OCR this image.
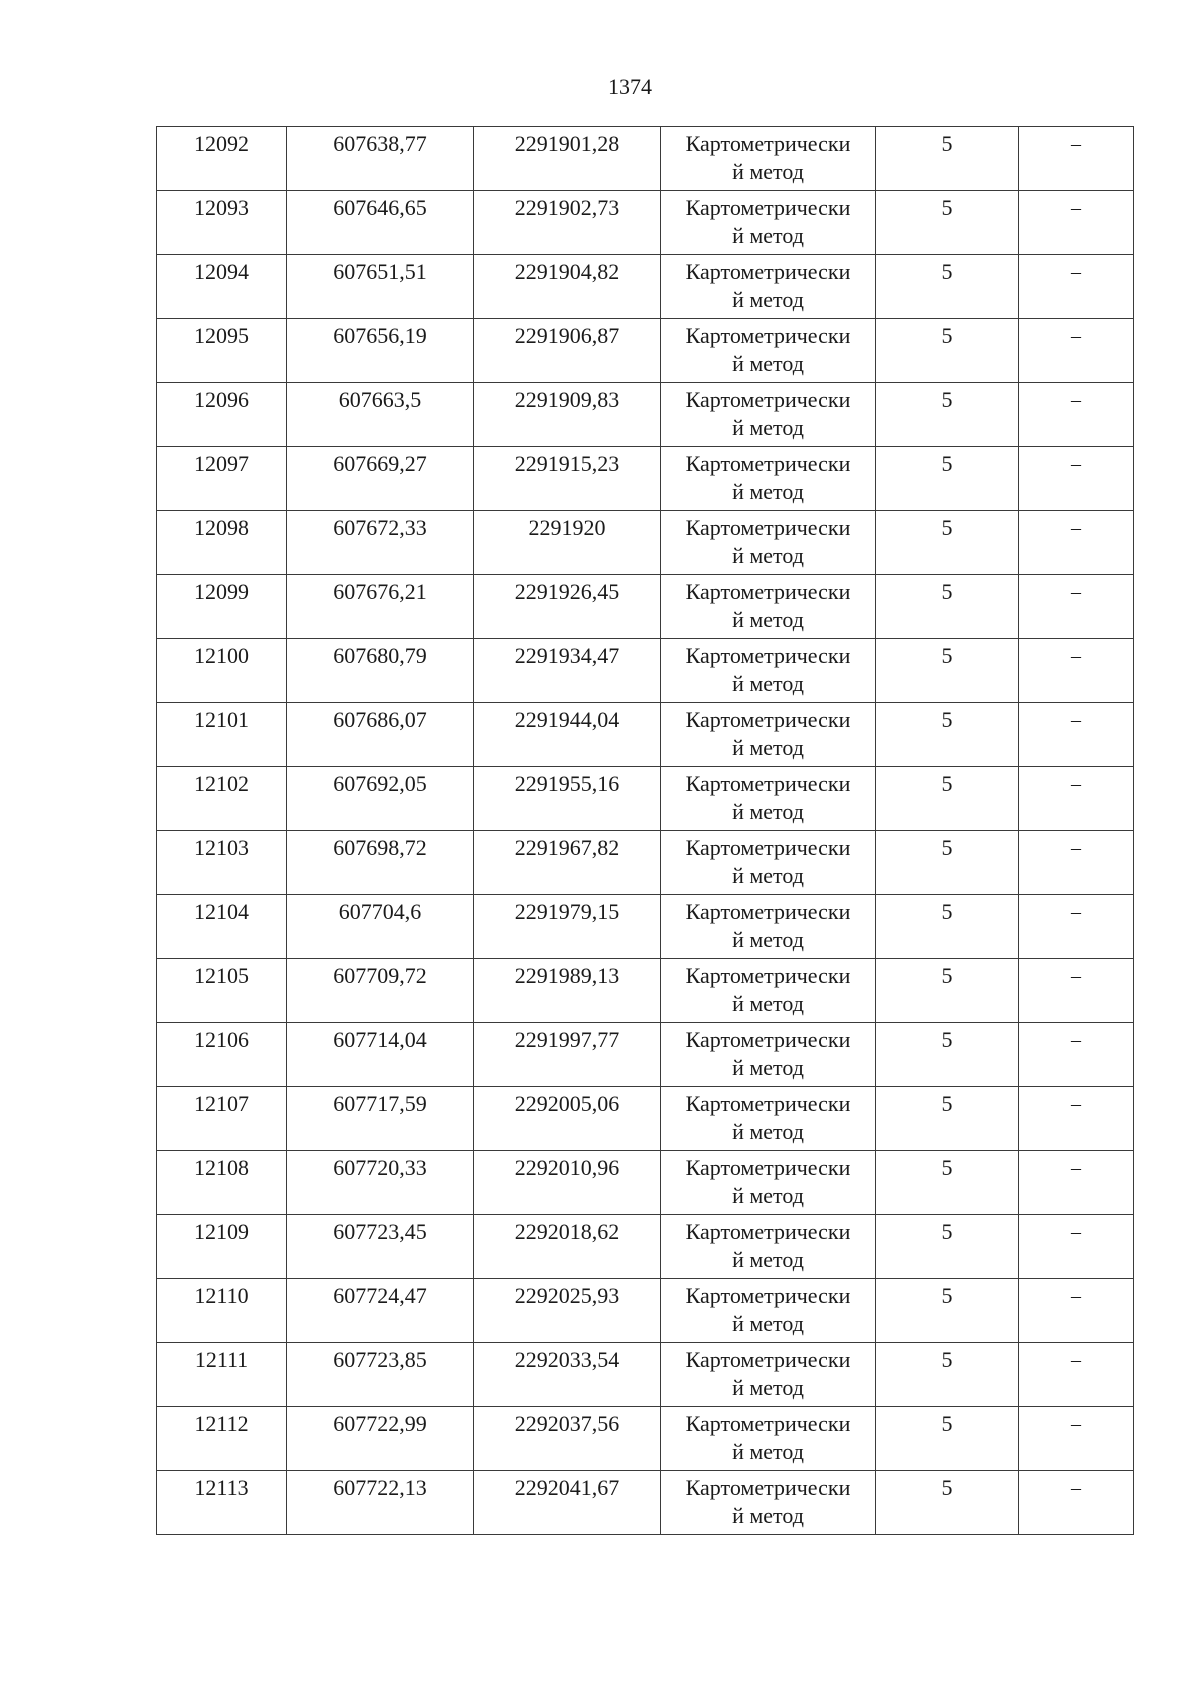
1374
12092	607638,77	2291901,28	Картометрически
й метод	5	–

12093	607646,65	2291902,73	Картометрически
й метод	5	–

12094	607651,51	2291904,82	Картометрически
й метод	5	–

12095	607656,19	2291906,87	Картометрически
й метод	5	–

12096	607663,5	2291909,83	Картометрически
й метод	5	–

12097	607669,27	2291915,23	Картометрически
й метод	5	–

12098	607672,33	2291920	Картометрически
й метод	5	–

12099	607676,21	2291926,45	Картометрически
й метод	5	–

12100	607680,79	2291934,47	Картометрически
й метод	5	–

12101	607686,07	2291944,04	Картометрически
й метод	5	–

12102	607692,05	2291955,16	Картометрически
й метод	5	–

12103	607698,72	2291967,82	Картометрически
й метод	5	–

12104	607704,6	2291979,15	Картометрически
й метод	5	–

12105	607709,72	2291989,13	Картометрически
й метод	5	–

12106	607714,04	2291997,77	Картометрически
й метод	5	–

12107	607717,59	2292005,06	Картометрически
й метод	5	–

12108	607720,33	2292010,96	Картометрически
й метод	5	–

12109	607723,45	2292018,62	Картометрически
й метод	5	–

12110	607724,47	2292025,93	Картометрически
й метод	5	–

12111	607723,85	2292033,54	Картометрически
й метод	5	–

12112	607722,99	2292037,56	Картометрически
й метод	5	–

12113	607722,13	2292041,67	Картометрически
й метод	5	–
